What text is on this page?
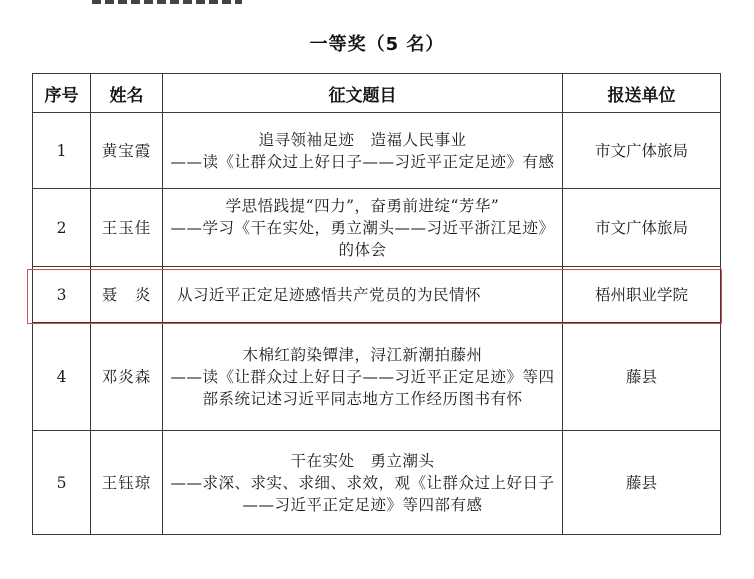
一等奖（5 名）
序号	姓名	征文题目	报送单位
1	黄宝霞	追寻领袖足迹　造福人民事业
——读《让群众过上好日子——习近平正定足迹》有感	市文广体旅局
2	王玉佳	学思悟践提“四力”，奋勇前进绽“芳华”
——学习《干在实处，勇立潮头——习近平浙江足迹》的体会	市文广体旅局
3	聂　炎	从习近平正定足迹感悟共产党员的为民情怀	梧州职业学院
4	邓炎森	木棉红韵染镡津，浔江新潮拍藤州
——读《让群众过上好日子——习近平正定足迹》等四部系统记述习近平同志地方工作经历图书有怀	藤县
5	王钰琼	干在实处　勇立潮头
——求深、求实、求细、求效，观《让群众过上好日子——习近平正定足迹》等四部有感	藤县
